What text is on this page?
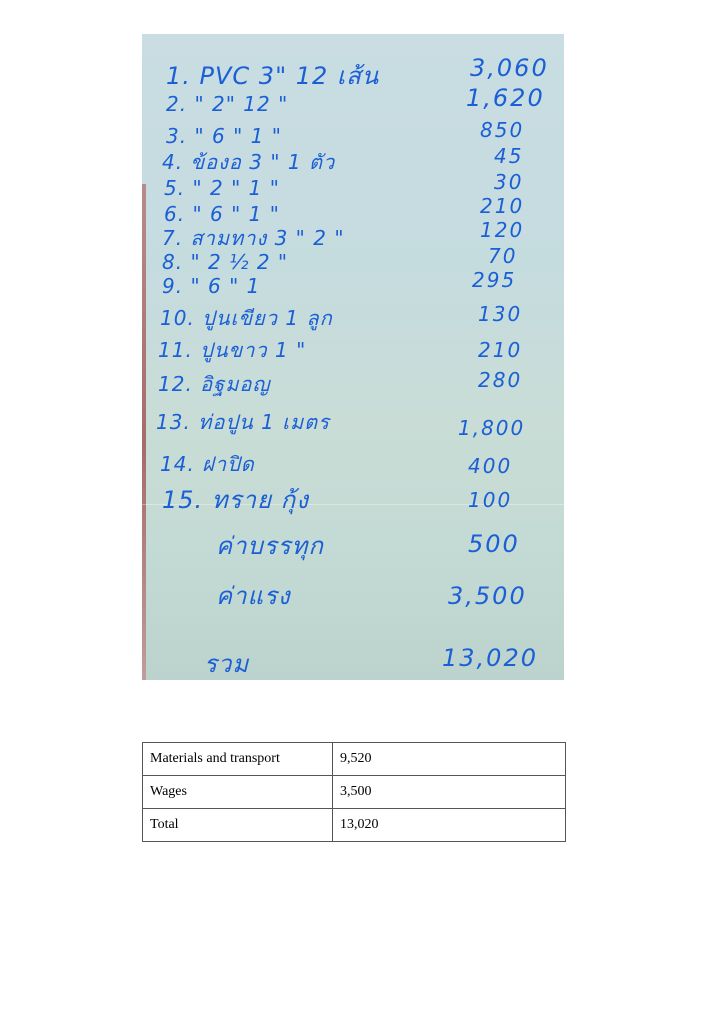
1. PVC 3" 12 เส้น	3,060
2. " 2" 12 "	1,620
3. " 6 " 1 "	850
4. ข้องอ 3 " 1 ตัว	45
5. " 2 " 1 "	30
6. " 6 " 1 "	210
7. สามทาง 3 " 2 "	120
8. " 2 ½ 2 "	70
9. " 6 " 1	295
10. ปูนเขียว 1 ลูก	130
11. ปูนขาว 1 "	210
12. อิฐมอญ	280
13. ท่อปูน 1 เมตร	1,800
14. ฝาปิด	400
15. ทราย กุ้ง	100
ค่าบรรทุก	500
ค่าแรง	3,500
รวม	13,020
Materials and transport	9,520
Wages	3,500
Total	13,020
